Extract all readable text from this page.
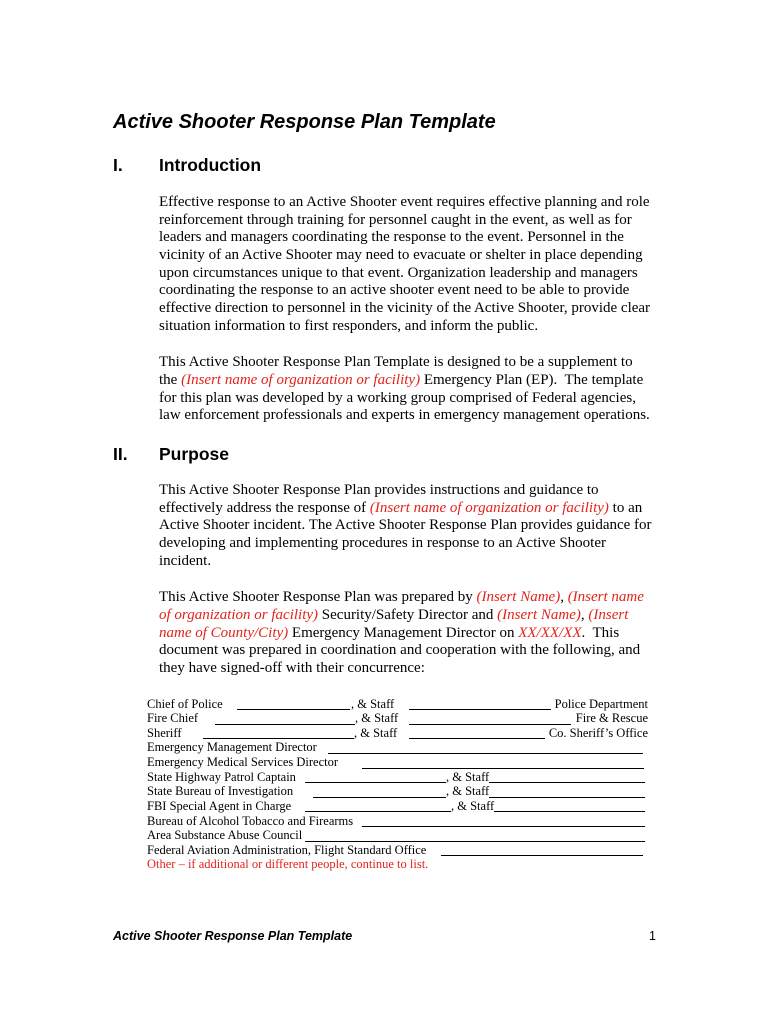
Active Shooter Response Plan Template
I. Introduction
Effective response to an Active Shooter event requires effective planning and role
reinforcement through training for personnel caught in the event, as well as for
leaders and managers coordinating the response to the event. Personnel in the
vicinity of an Active Shooter may need to evacuate or shelter in place depending
upon circumstances unique to that event. Organization leadership and managers
coordinating the response to an active shooter event need to be able to provide
effective direction to personnel in the vicinity of the Active Shooter, provide clear
situation information to first responders, and inform the public.
This Active Shooter Response Plan Template is designed to be a supplement to
the (Insert name of organization or facility) Emergency Plan (EP).  The template
for this plan was developed by a working group comprised of Federal agencies,
law enforcement professionals and experts in emergency management operations.
II. Purpose
This Active Shooter Response Plan provides instructions and guidance to
effectively address the response of (Insert name of organization or facility) to an
Active Shooter incident. The Active Shooter Response Plan provides guidance for
developing and implementing procedures in response to an Active Shooter
incident.
This Active Shooter Response Plan was prepared by (Insert Name), (Insert name
of organization or facility) Security/Safety Director and (Insert Name), (Insert
name of County/City) Emergency Management Director on XX/XX/XX.  This
document was prepared in coordination and cooperation with the following, and
they have signed-off with their concurrence:
Chief of Police	, & Staff	Police Department
Fire Chief	, & Staff	Fire & Rescue
Sheriff	, & Staff	Co. Sheriff’s Office
Emergency Management Director
Emergency Medical Services Director
State Highway Patrol Captain	, & Staff
State Bureau of Investigation	, & Staff
FBI Special Agent in Charge	, & Staff
Bureau of Alcohol Tobacco and Firearms
Area Substance Abuse Council
Federal Aviation Administration, Flight Standard Office
Other – if additional or different people, continue to list.
Active Shooter Response Plan Template	1
